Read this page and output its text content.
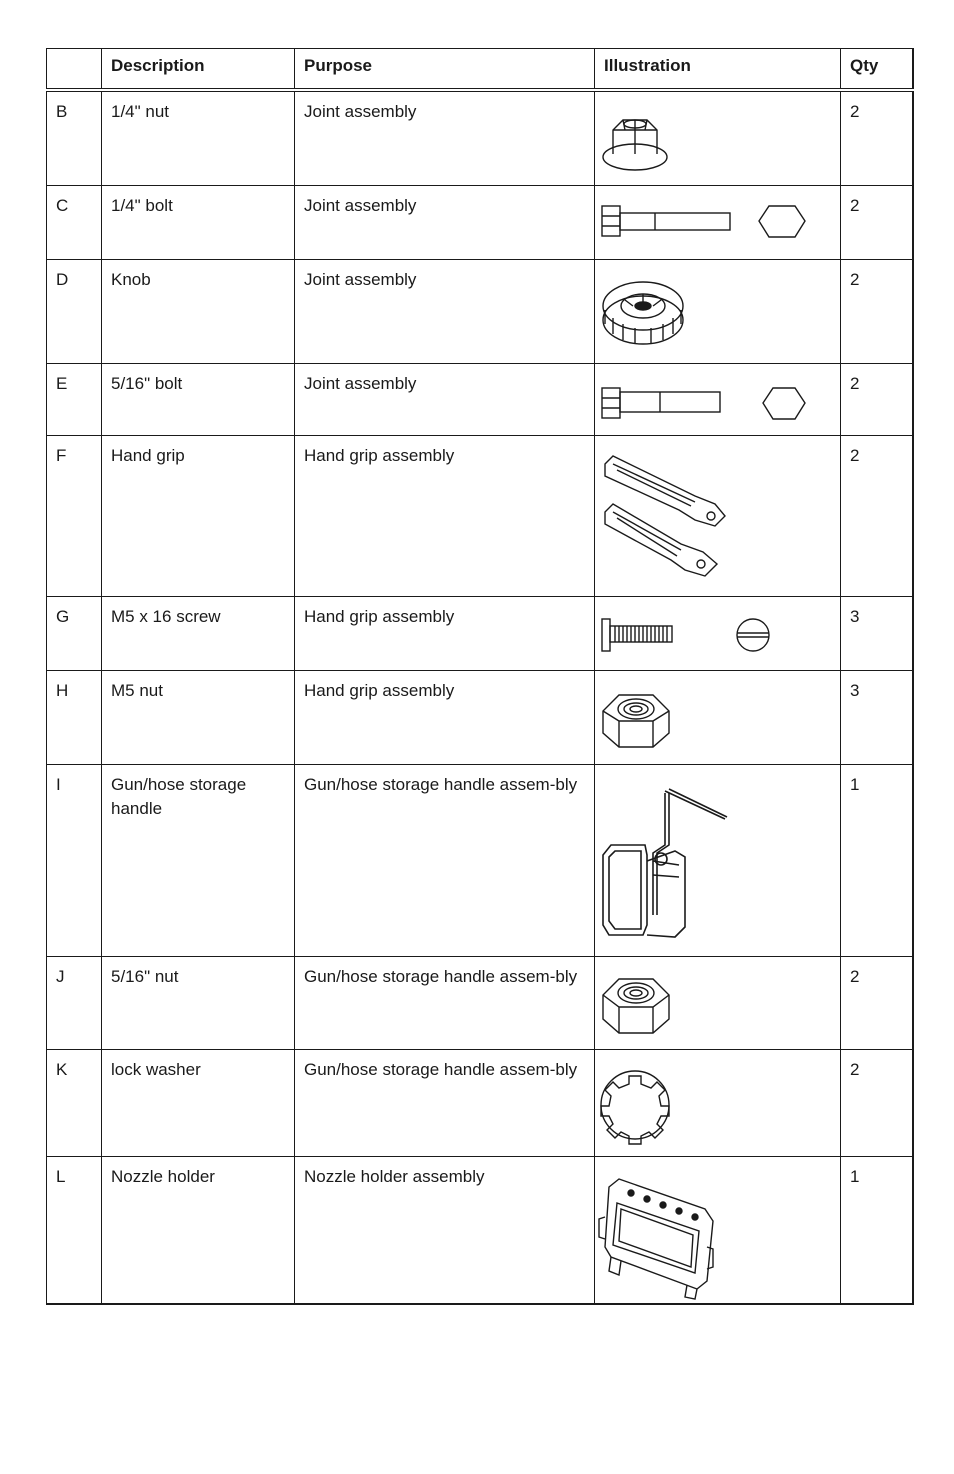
	Description	Purpose	Illustration	Qty
B	1/4" nut	Joint assembly		2
C	1/4" bolt	Joint assembly		2
D	Knob	Joint assembly		2
E	5/16" bolt	Joint assembly		2
F	Hand grip	Hand grip assembly		2
G	M5 x 16 screw	Hand grip assembly		3
H	M5 nut	Hand grip assembly		3
I	Gun/hose storage handle	Gun/hose storage handle assem-bly		1
J	5/16" nut	Gun/hose storage handle assem-bly		2
K	lock washer	Gun/hose storage handle assem-bly		2
L	Nozzle holder	Nozzle holder assembly		1
